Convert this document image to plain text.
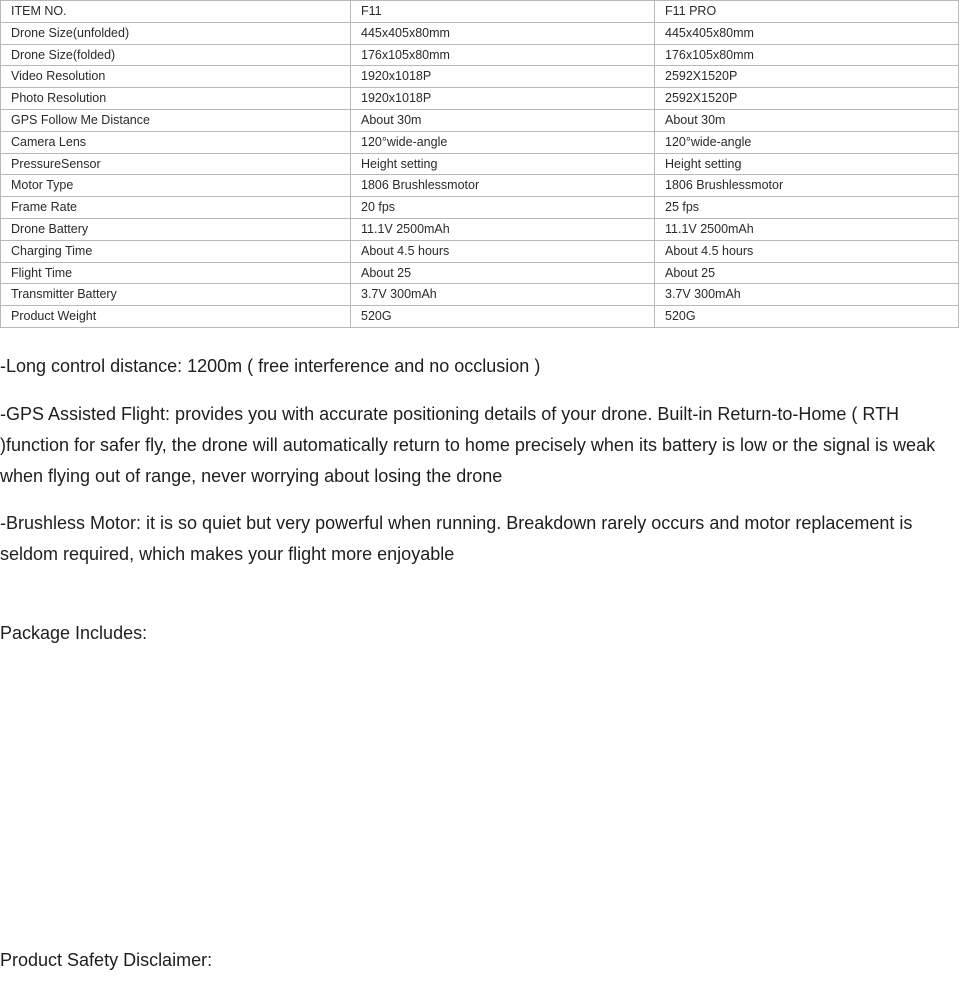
ITEM NO.	F11	F11 PRO
Drone Size(unfolded)	445x405x80mm	445x405x80mm
Drone Size(folded)	176x105x80mm	176x105x80mm
Video Resolution	1920x1018P	2592X1520P
Photo Resolution	1920x1018P	2592X1520P
GPS Follow Me Distance	About 30m	About 30m
Camera Lens	120°wide-angle	120°wide-angle
PressureSensor	Height setting	Height setting
Motor Type	1806 Brushlessmotor	1806 Brushlessmotor
Frame Rate	20 fps	25 fps
Drone Battery	11.1V 2500mAh	11.1V 2500mAh
Charging Time	About 4.5 hours	About 4.5 hours
Flight Time	About 25	About 25
Transmitter Battery	3.7V 300mAh	3.7V 300mAh
Product Weight	520G	520G

-Long control distance: 1200m ( free interference and no occlusion )

-GPS Assisted Flight: provides you with accurate positioning details of your drone. Built-in Return-to-Home ( RTH )function for safer fly, the drone will automatically return to home precisely when its battery is low or the signal is weak when flying out of range, never worrying about losing the drone

-Brushless Motor: it is so quiet but very powerful when running. Breakdown rarely occurs and motor replacement is seldom required, which makes your flight more enjoyable

Package Includes:

Product Safety Disclaimer:
